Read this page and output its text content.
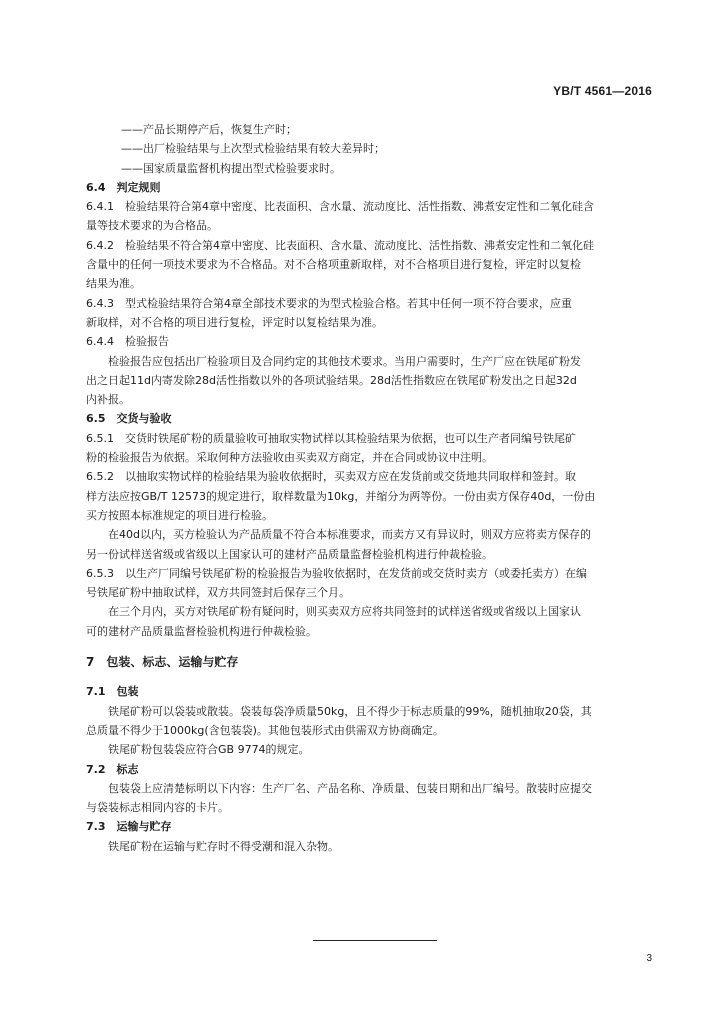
YB/T 4561—2016
——产品长期停产后，恢复生产时；
——出厂检验结果与上次型式检验结果有较大差异时；
——国家质量监督机构提出型式检验要求时。
6.4　判定规则
6.4.1　检验结果符合第4章中密度、比表面积、含水量、流动度比、活性指数、沸煮安定性和二氧化硅含
量等技术要求的为合格品。
6.4.2　检验结果不符合第4章中密度、比表面积、含水量、流动度比、活性指数、沸煮安定性和二氧化硅
含量中的任何一项技术要求为不合格品。对不合格项重新取样，对不合格项目进行复检，评定时以复检
结果为准。
6.4.3　型式检验结果符合第4章全部技术要求的为型式检验合格。若其中任何一项不符合要求，应重
新取样，对不合格的项目进行复检，评定时以复检结果为准。
6.4.4　检验报告
检验报告应包括出厂检验项目及合同约定的其他技术要求。当用户需要时，生产厂应在铁尾矿粉发
出之日起11d内寄发除28d活性指数以外的各项试验结果。28d活性指数应在铁尾矿粉发出之日起32d
内补报。
6.5　交货与验收
6.5.1　交货时铁尾矿粉的质量验收可抽取实物试样以其检验结果为依据，也可以生产者同编号铁尾矿
粉的检验报告为依据。采取何种方法验收由买卖双方商定，并在合同或协议中注明。
6.5.2　以抽取实物试样的检验结果为验收依据时，买卖双方应在发货前或交货地共同取样和签封。取
样方法应按GB/T 12573的规定进行，取样数量为10kg，并缩分为两等份。一份由卖方保存40d，一份由
买方按照本标准规定的项目进行检验。
在40d以内，买方检验认为产品质量不符合本标准要求，而卖方又有异议时，则双方应将卖方保存的
另一份试样送省级或省级以上国家认可的建材产品质量监督检验机构进行仲裁检验。
6.5.3　以生产厂同编号铁尾矿粉的检验报告为验收依据时，在发货前或交货时卖方（或委托卖方）在编
号铁尾矿粉中抽取试样，双方共同签封后保存三个月。
在三个月内，买方对铁尾矿粉有疑问时，则买卖双方应将共同签封的试样送省级或省级以上国家认
可的建材产品质量监督检验机构进行仲裁检验。
7　包装、标志、运输与贮存
7.1　包装
铁尾矿粉可以袋装或散装。袋装每袋净质量50kg，且不得少于标志质量的99%，随机抽取20袋，其
总质量不得少于1000kg(含包装袋)。其他包装形式由供需双方协商确定。
铁尾矿粉包装袋应符合GB 9774的规定。
7.2　标志
包装袋上应清楚标明以下内容：生产厂名、产品名称、净质量、包装日期和出厂编号。散装时应提交
与袋装标志相同内容的卡片。
7.3　运输与贮存
铁尾矿粉在运输与贮存时不得受潮和混入杂物。
3
